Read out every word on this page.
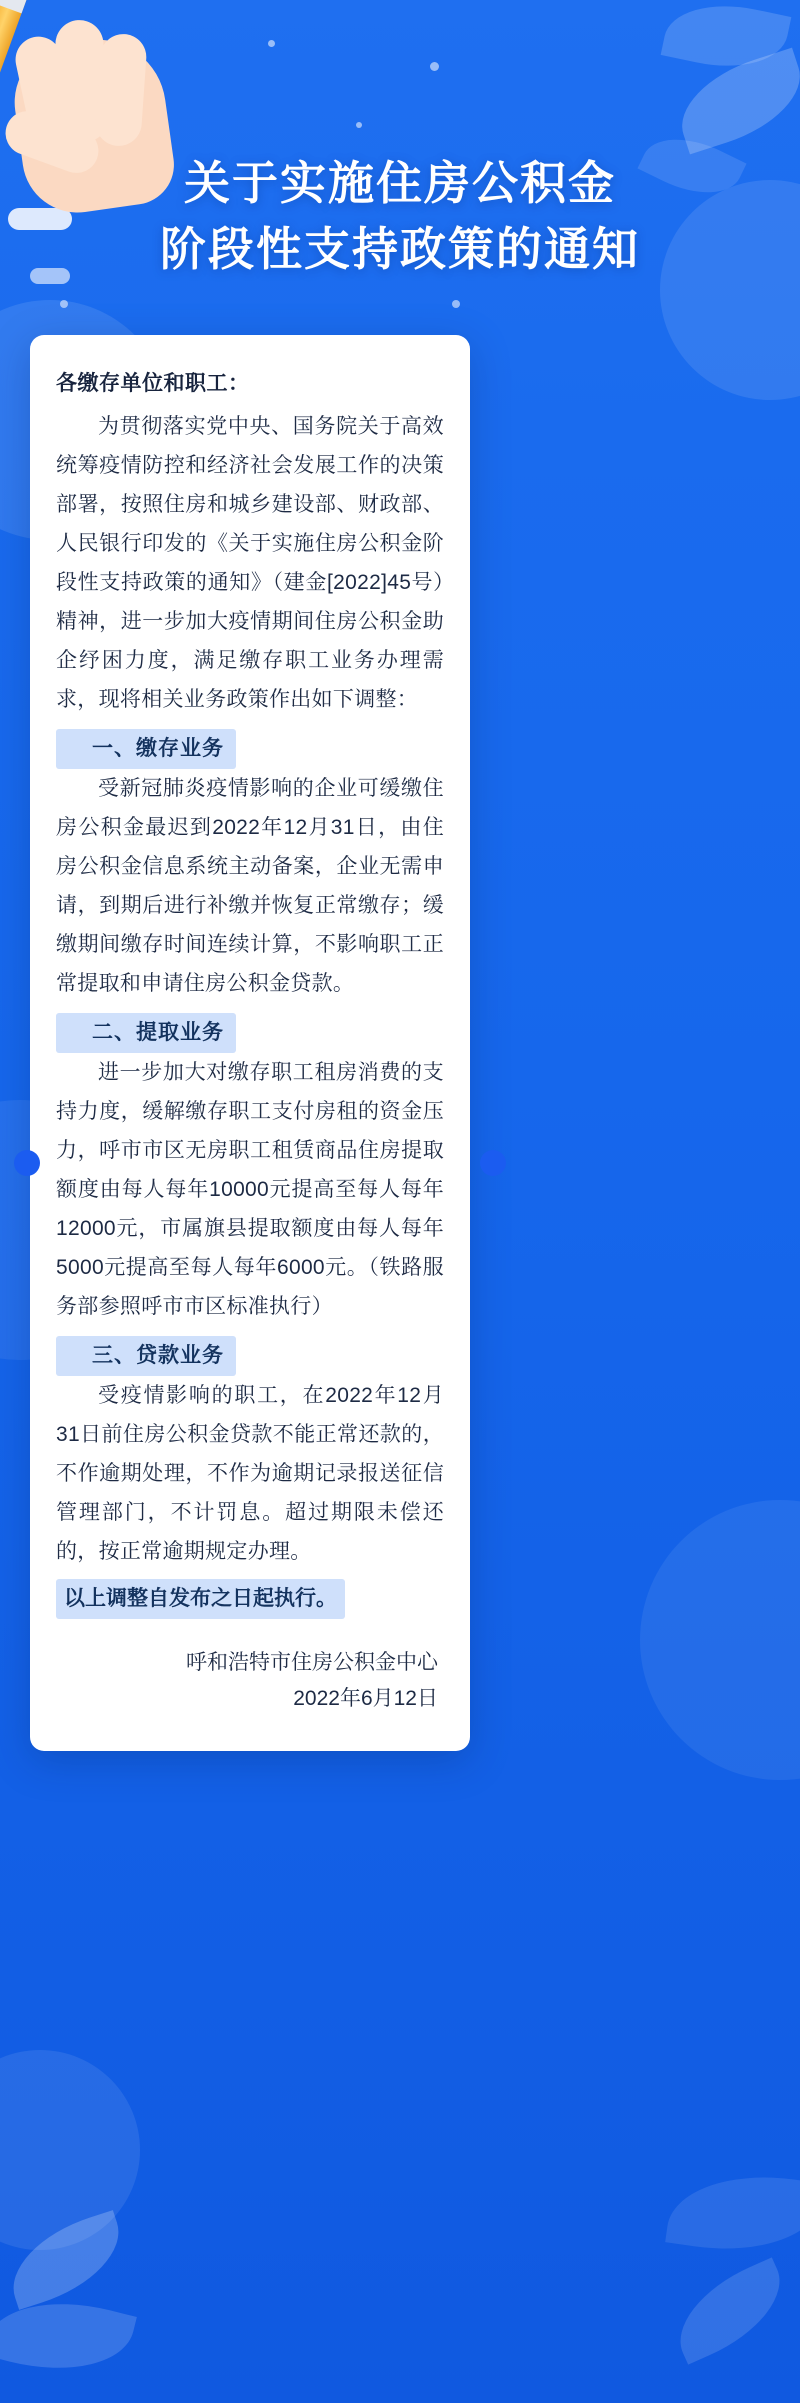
关于实施住房公积金
阶段性支持政策的通知
各缴存单位和职工：

为贯彻落实党中央、国务院关于高效统筹疫情防控和经济社会发展工作的决策部署，按照住房和城乡建设部、财政部、人民银行印发的《关于实施住房公积金阶段性支持政策的通知》（建金[2022]45号）精神，进一步加大疫情期间住房公积金助企纾困力度，满足缴存职工业务办理需求，现将相关业务政策作出如下调整：

一、缴存业务

受新冠肺炎疫情影响的企业可缓缴住房公积金最迟到2022年12月31日，由住房公积金信息系统主动备案，企业无需申请，到期后进行补缴并恢复正常缴存；缓缴期间缴存时间连续计算，不影响职工正常提取和申请住房公积金贷款。

二、提取业务

进一步加大对缴存职工租房消费的支持力度，缓解缴存职工支付房租的资金压力，呼市市区无房职工租赁商品住房提取额度由每人每年10000元提高至每人每年12000元，市属旗县提取额度由每人每年5000元提高至每人每年6000元。（铁路服务部参照呼市市区标准执行）

三、贷款业务

受疫情影响的职工，在2022年12月31日前住房公积金贷款不能正常还款的，不作逾期处理，不作为逾期记录报送征信管理部门，不计罚息。超过期限未偿还的，按正常逾期规定办理。

以上调整自发布之日起执行。
呼和浩特市住房公积金中心
2022年6月12日
